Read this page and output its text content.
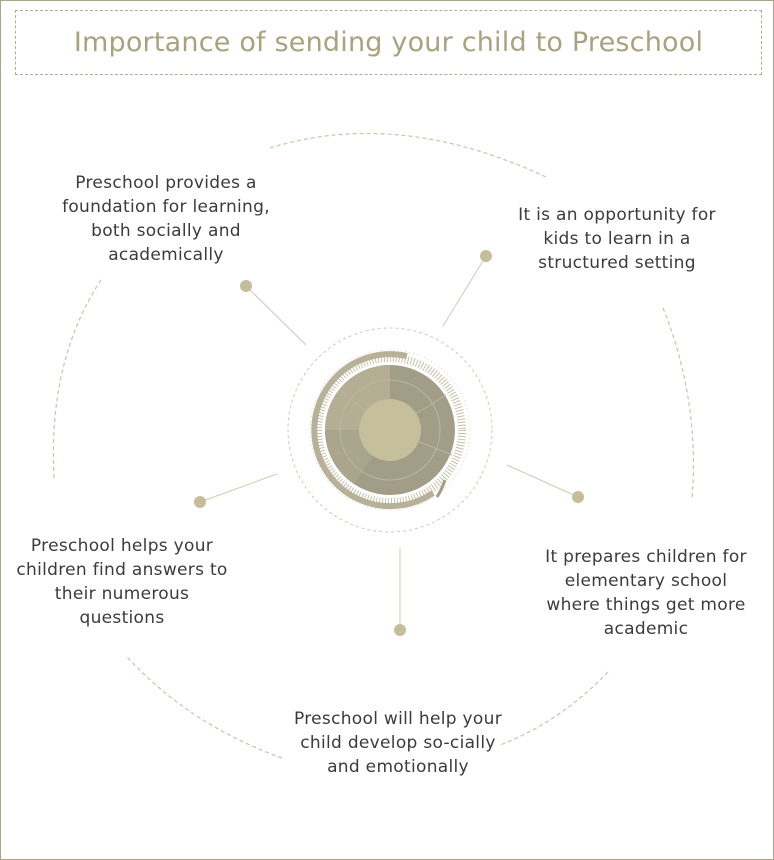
Importance of sending your child to Preschool
Preschool provides a foundation for learning, both socially and academically
It is an opportunity for kids to learn in a structured setting
It prepares children for elementary school where things get more academic
Preschool will help your child develop so-cially and emotionally
Preschool helps your children find answers to their numerous questions
